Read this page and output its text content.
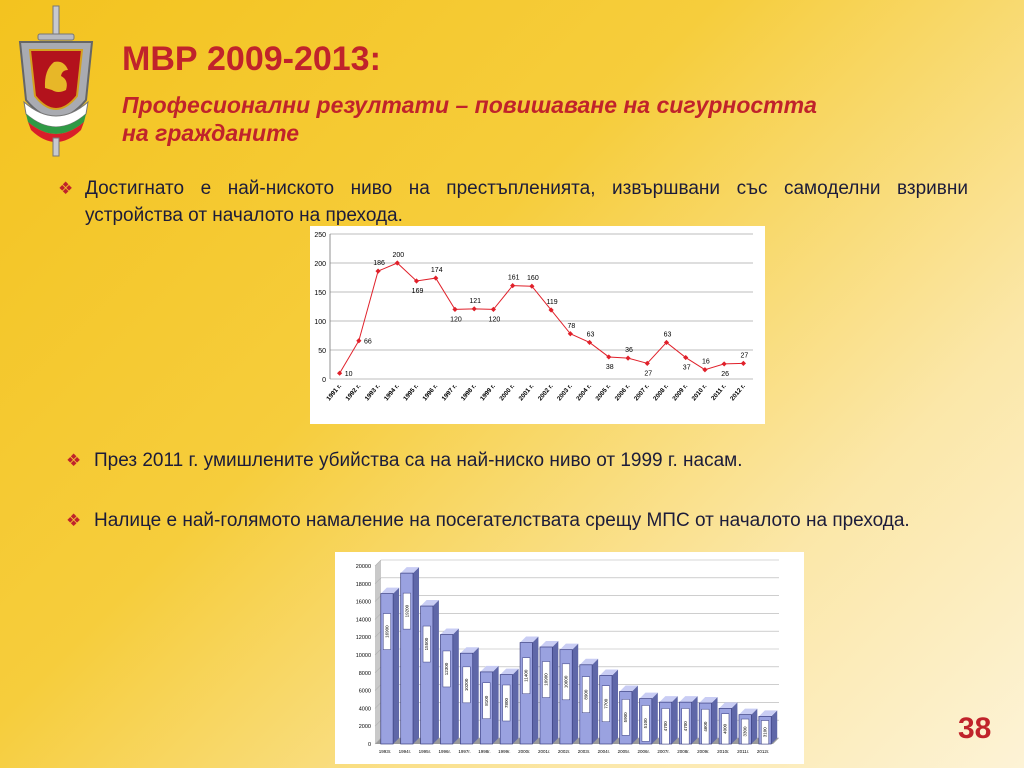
МВР 2009-2013:
Професионални резултати – повишаване на сигурността на гражданите
❖ Достигнато е най-ниското ниво на престъпленията, извършвани със самоделни взривни устройства от началото на прехода.
0
50
100
150
200
250
10
66
186
200
169
174
120
121
120
161 160
119
78
63
38
36
27
63
37
16
26
27
1991 г. 1992 г. 1993 г. 1994 г. 1995 г. 1996 г. 1997 г. 1998 г. 1999 г. 2000 г. 2001 г. 2002 г. 2003 г. 2004 г. 2005 г. 2006 г. 2007 г. 2008 г. 2009 г. 2010 г. 2011 г. 2012 г.
❖ През 2011 г. умишлените убийства са на най-ниско ниво от 1999 г. насам.
❖ Налице е най-голямото намаление на посегателствата срещу МПС от началото на прехода.
0
2000
4000
6000
8000
10000
12000
14000
16000
18000
20000
16900
19200
15500
12300
10200
8100	7800
11400	10900	10600
8900
7700
5900
5100	4700	4700	4600	4000	3300	3100
1993г. 1994г. 1995г. 1996г. 1997г. 1998г. 1999г. 2000г. 2001г. 2002г. 2003г. 2004г. 2005г. 2006г. 2007г. 2008г. 2009г. 2010г. 2011г. 2012г.
38
